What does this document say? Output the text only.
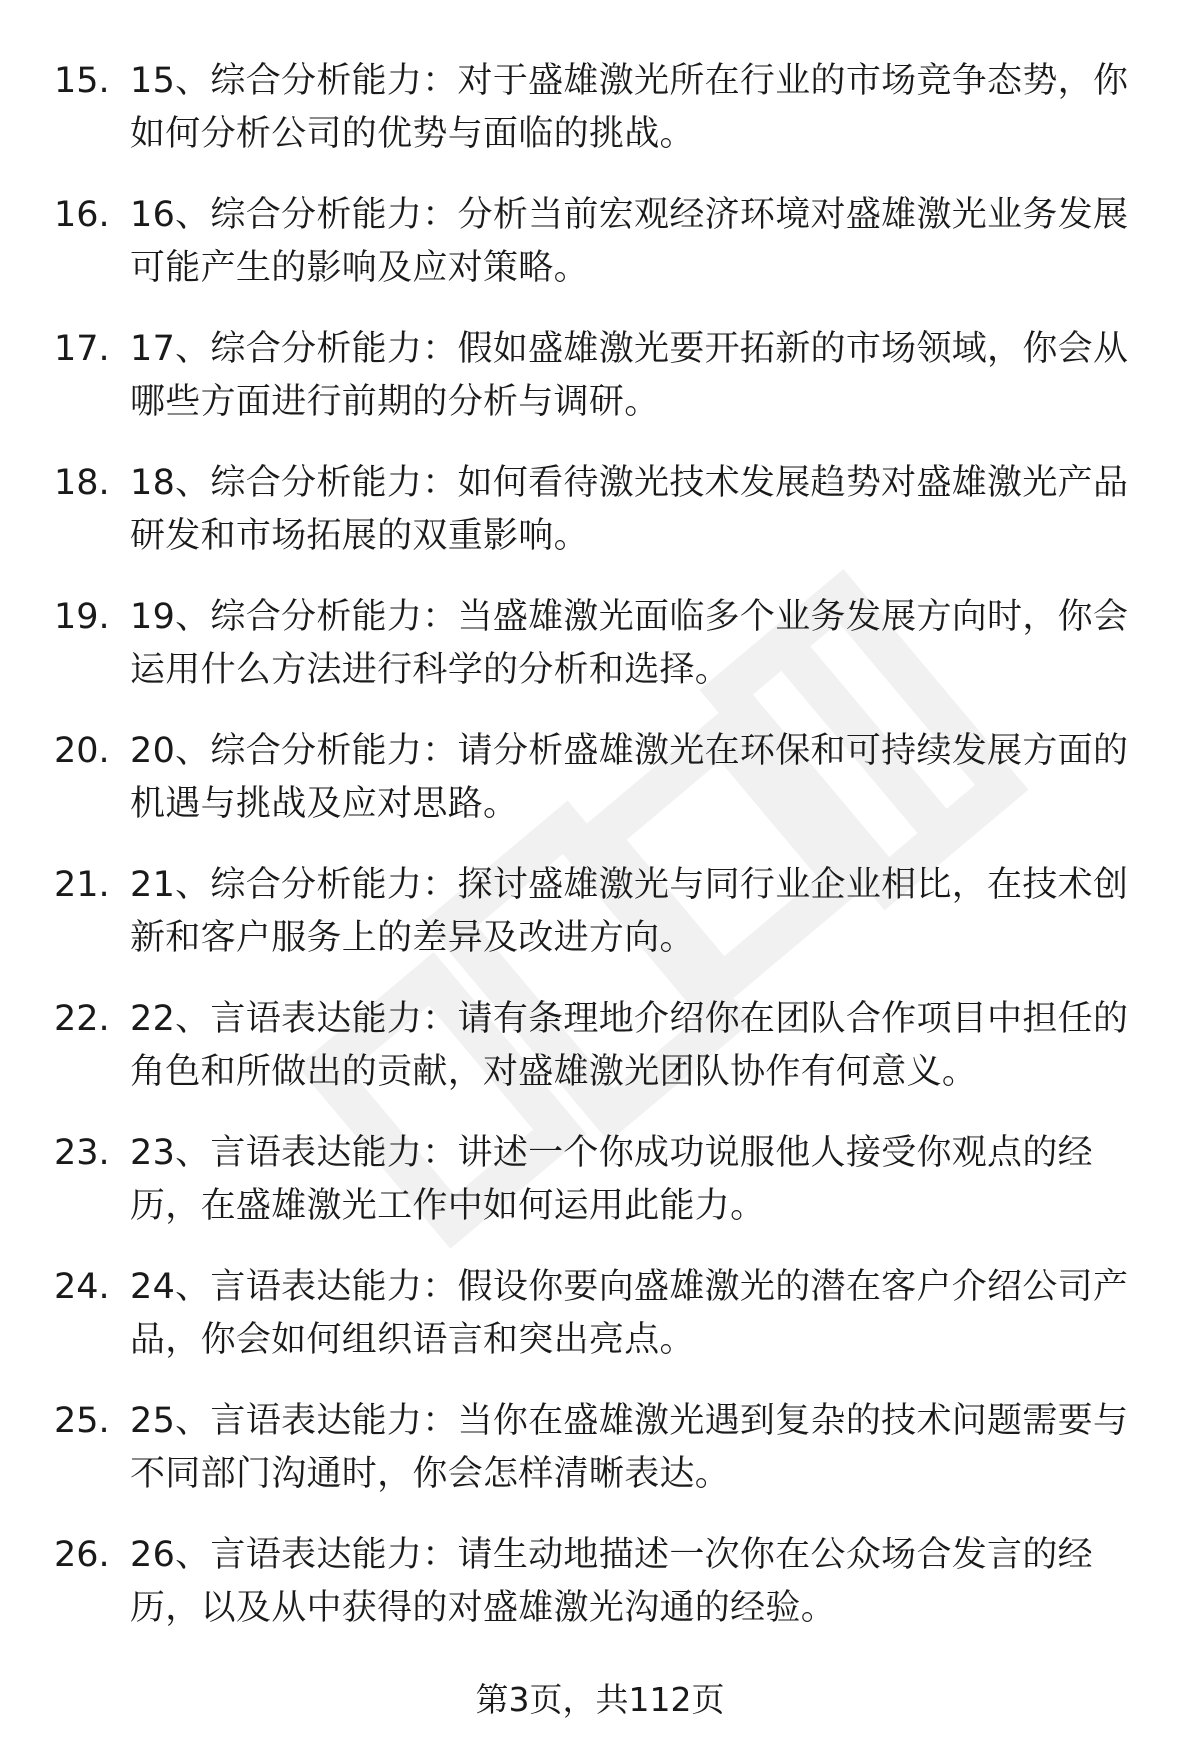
15. 15、综合分析能力：对于盛雄激光所在行业的市场竞争态势，你如何分析公司的优势与面临的挑战。
16. 16、综合分析能力：分析当前宏观经济环境对盛雄激光业务发展可能产生的影响及应对策略。
17. 17、综合分析能力：假如盛雄激光要开拓新的市场领域，你会从哪些方面进行前期的分析与调研。
18. 18、综合分析能力：如何看待激光技术发展趋势对盛雄激光产品研发和市场拓展的双重影响。
19. 19、综合分析能力：当盛雄激光面临多个业务发展方向时，你会运用什么方法进行科学的分析和选择。
20. 20、综合分析能力：请分析盛雄激光在环保和可持续发展方面的机遇与挑战及应对思路。
21. 21、综合分析能力：探讨盛雄激光与同行业企业相比，在技术创新和客户服务上的差异及改进方向。
22. 22、言语表达能力：请有条理地介绍你在团队合作项目中担任的角色和所做出的贡献，对盛雄激光团队协作有何意义。
23. 23、言语表达能力：讲述一个你成功说服他人接受你观点的经历，在盛雄激光工作中如何运用此能力。
24. 24、言语表达能力：假设你要向盛雄激光的潜在客户介绍公司产品，你会如何组织语言和突出亮点。
25. 25、言语表达能力：当你在盛雄激光遇到复杂的技术问题需要与不同部门沟通时，你会怎样清晰表达。
26. 26、言语表达能力：请生动地描述一次你在公众场合发言的经历，以及从中获得的对盛雄激光沟通的经验。
第3页，共112页
